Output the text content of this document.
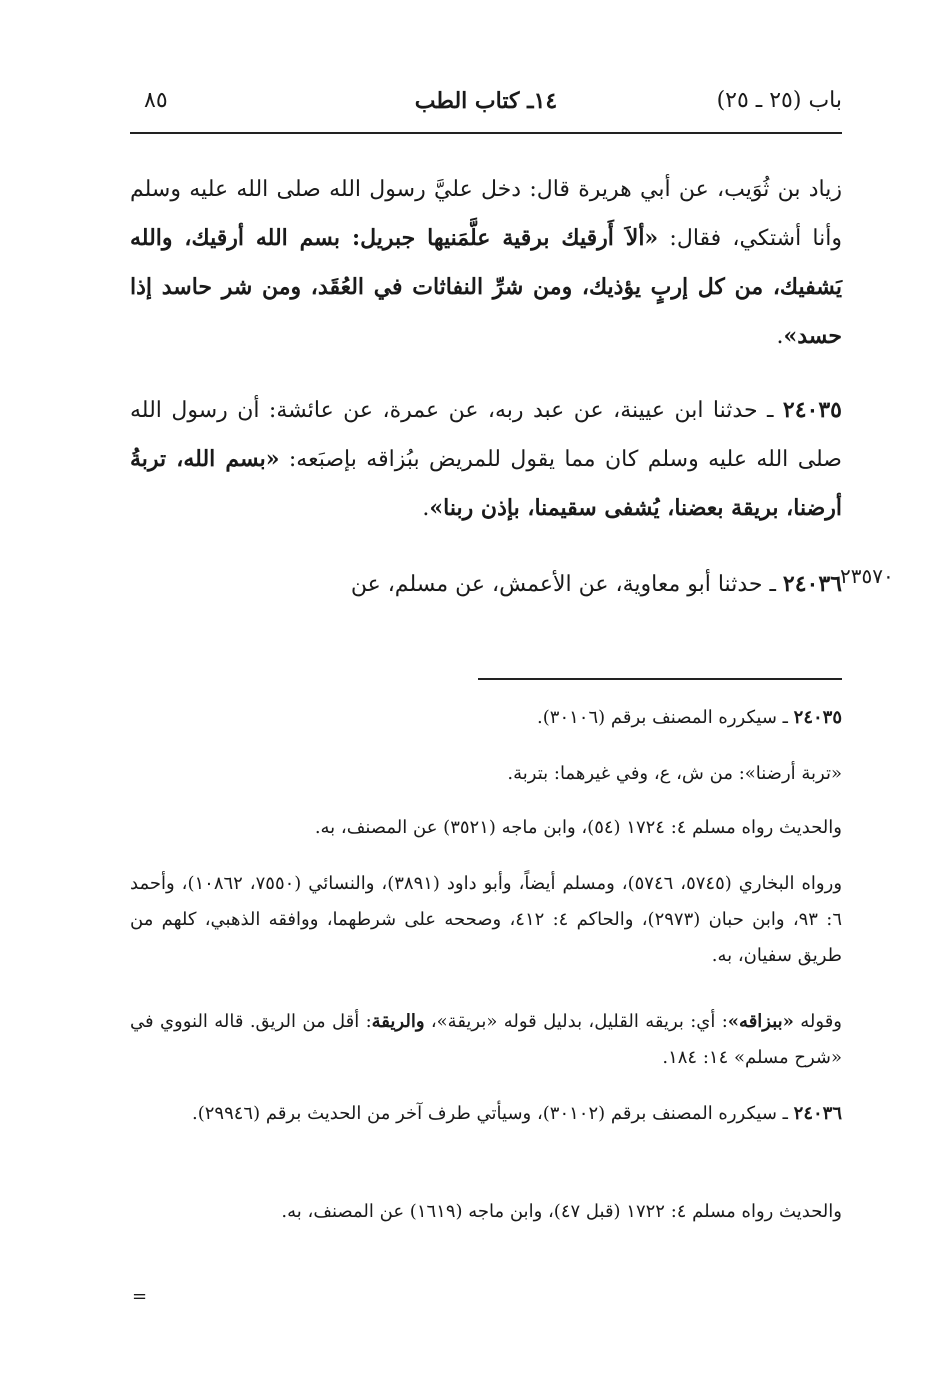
باب (٢٥ ـ ٢٥)
١٤ـ كتاب الطب
٨٥
زياد بن ثُوَيب، عن أبي هريرة قال: دخل عليَّ رسول الله صلى الله عليه وسلم وأنا أشتكي، فقال: «ألاَ أَرقيك برقية علَّمَنيها جبريل: بسم الله أرقيك، والله يَشفيك، من كل إربٍ يؤذيك، ومن شرِّ النفاثات في العُقَد، ومن شر حاسد إذا حسد».
٢٤٠٣٥ ـ حدثنا ابن عيينة، عن عبد ربه، عن عمرة، عن عائشة: أن رسول الله صلى الله عليه وسلم كان مما يقول للمريض ببُزاقه بإصبَعه: «بسم الله، تربةُ أرضنا، بريقة بعضنا، يُشفى سقيمنا، بإذن ربنا».
٢٤٠٣٦ ـ حدثنا أبو معاوية، عن الأعمش، عن مسلم، عن	٢٣٥٧٠
٢٤٠٣٥ ـ سيكرره المصنف برقم (٣٠١٠٦).
«تربة أرضنا»: من ش، ع، وفي غيرهما: بتربة.
والحديث رواه مسلم ٤: ١٧٢٤ (٥٤)، وابن ماجه (٣٥٢١) عن المصنف، به.
ورواه البخاري (٥٧٤٥، ٥٧٤٦)، ومسلم أيضاً، وأبو داود (٣٨٩١)، والنسائي (٧٥٥٠، ١٠٨٦٢)، وأحمد ٦: ٩٣، وابن حبان (٢٩٧٣)، والحاكم ٤: ٤١٢، وصححه على شرطهما، ووافقه الذهبي، كلهم من طريق سفيان، به.
وقوله «ببزاقه»: أي: بريقه القليل، بدليل قوله «بريقة»، والريقة: أقل من الريق. قاله النووي في «شرح مسلم» ١٤: ١٨٤.
٢٤٠٣٦ ـ سيكرره المصنف برقم (٣٠١٠٢)، وسيأتي طرف آخر من الحديث برقم (٢٩٩٤٦).
والحديث رواه مسلم ٤: ١٧٢٢ (قبل ٤٧)، وابن ماجه (١٦١٩) عن المصنف، به.
=
